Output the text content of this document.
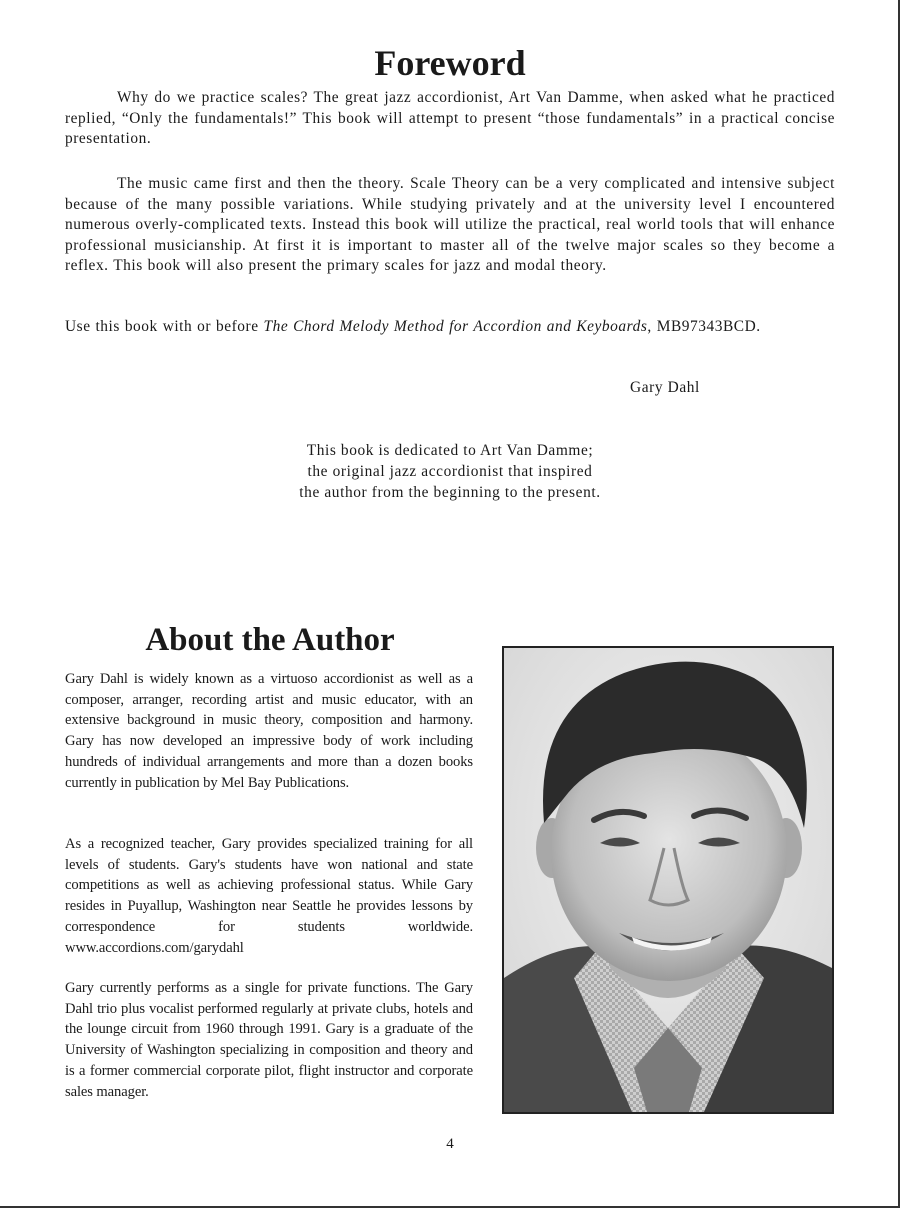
Foreword

Why do we practice scales? The great jazz accordionist, Art Van Damme, when asked what he practiced replied, “Only the fundamentals!” This book will attempt to present “those fundamentals” in a practical concise presentation.

The music came first and then the theory. Scale Theory can be a very complicated and intensive subject because of the many possible variations. While studying privately and at the university level I encountered numerous overly-complicated texts. Instead this book will utilize the practical, real world tools that will enhance professional musicianship. At first it is important to master all of the twelve major scales so they become a reflex. This book will also present the primary scales for jazz and modal theory.

Use this book with or before The Chord Melody Method for Accordion and Keyboards, MB97343BCD.

Gary Dahl

This book is dedicated to Art Van Damme;
the original jazz accordionist that inspired
the author from the beginning to the present.

About the Author

Gary Dahl is widely known as a virtuoso accordionist as well as a composer, arranger, recording artist and music educator, with an extensive background in music theory, composition and harmony. Gary has now developed an impressive body of work including hundreds of individual arrangements and more than a dozen books currently in publication by Mel Bay Publications.

As a recognized teacher, Gary provides specialized training for all levels of students. Gary's students have won national and state competitions as well as achieving professional status. While Gary resides in Puyallup, Washington near Seattle he provides lessons by correspondence for students worldwide. www.accordions.com/garydahl

Gary currently performs as a single for private functions. The Gary Dahl trio plus vocalist performed regularly at private clubs, hotels and the lounge circuit from 1960 through 1991. Gary is a graduate of the University of Washington specializing in composition and theory and is a former commercial corporate pilot, flight instructor and corporate sales manager.

4
